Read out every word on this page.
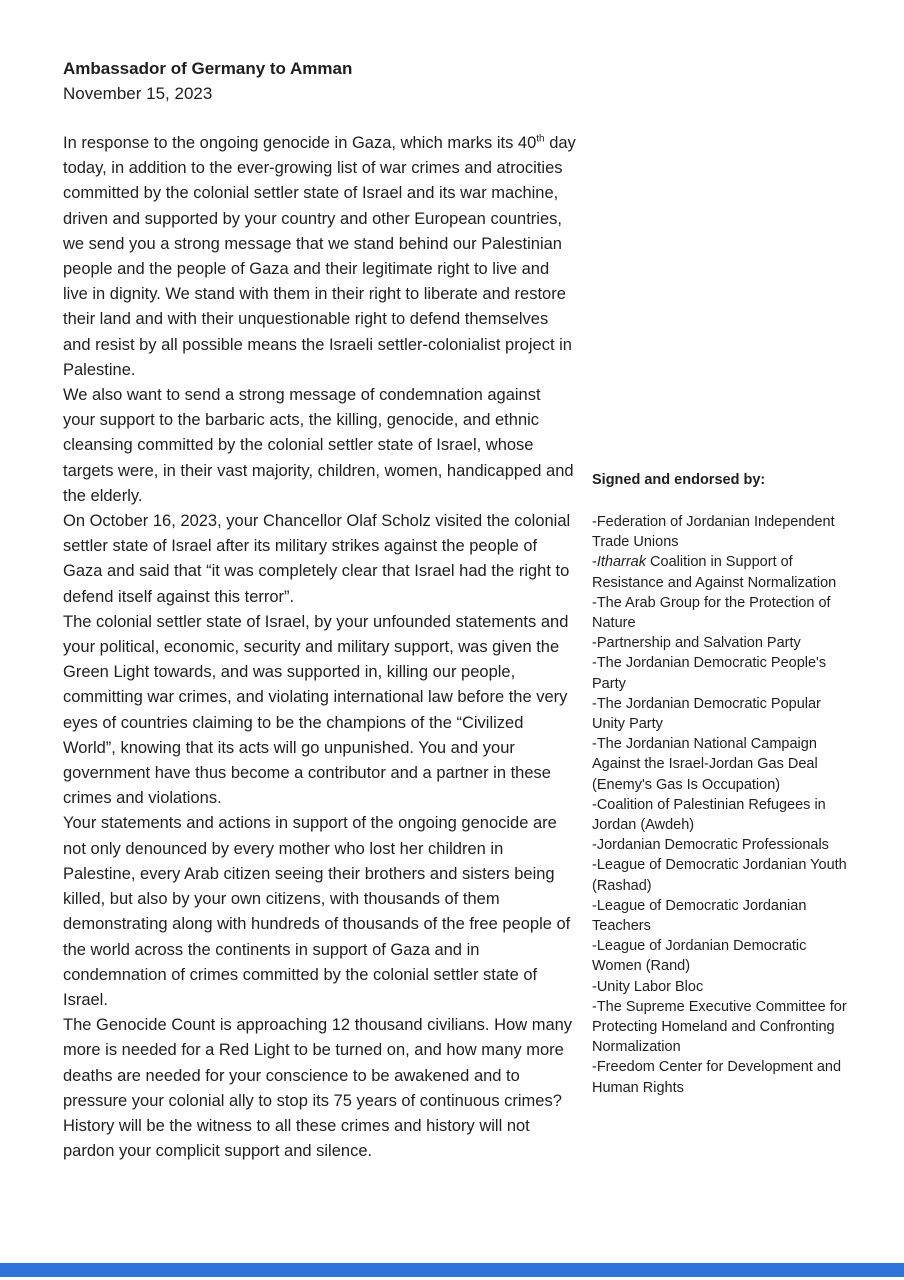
Ambassador of Germany to Amman

November 15, 2023

In response to the ongoing genocide in Gaza, which marks its 40th day today, in addition to the ever-growing list of war crimes and atrocities committed by the colonial settler state of Israel and its war machine, driven and supported by your country and other European countries, we send you a strong message that we stand behind our Palestinian people and the people of Gaza and their legitimate right to live and live in dignity. We stand with them in their right to liberate and restore their land and with their unquestionable right to defend themselves and resist by all possible means the Israeli settler-colonialist project in Palestine.

We also want to send a strong message of condemnation against your support to the barbaric acts, the killing, genocide, and ethnic cleansing committed by the colonial settler state of Israel, whose targets were, in their vast majority, children, women, handicapped and the elderly.

On October 16, 2023, your Chancellor Olaf Scholz visited the colonial settler state of Israel after its military strikes against the people of Gaza and said that “it was completely clear that Israel had the right to defend itself against this terror”.

The colonial settler state of Israel, by your unfounded statements and your political, economic, security and military support, was given the Green Light towards, and was supported in, killing our people, committing war crimes, and violating international law before the very eyes of countries claiming to be the champions of the “Civilized World”, knowing that its acts will go unpunished. You and your government have thus become a contributor and a partner in these crimes and violations.

Your statements and actions in support of the ongoing genocide are not only denounced by every mother who lost her children in Palestine, every Arab citizen seeing their brothers and sisters being killed, but also by your own citizens, with thousands of them demonstrating along with hundreds of thousands of the free people of the world across the continents in support of Gaza and in condemnation of crimes committed by the colonial settler state of Israel.

The Genocide Count is approaching 12 thousand civilians. How many more is needed for a Red Light to be turned on, and how many more deaths are needed for your conscience to be awakened and to pressure your colonial ally to stop its 75 years of continuous crimes?

History will be the witness to all these crimes and history will not pardon your complicit support and silence.

Signed and endorsed by:

-Federation of Jordanian Independent Trade Unions
-Itharrak Coalition in Support of Resistance and Against Normalization
-The Arab Group for the Protection of Nature
-Partnership and Salvation Party
-The Jordanian Democratic People's Party
-The Jordanian Democratic Popular Unity Party
-The Jordanian National Campaign Against the Israel-Jordan Gas Deal (Enemy's Gas Is Occupation)
-Coalition of Palestinian Refugees in Jordan (Awdeh)
-Jordanian Democratic Professionals
-League of Democratic Jordanian Youth (Rashad)
-League of Democratic Jordanian Teachers
-League of Jordanian Democratic Women (Rand)
-Unity Labor Bloc
-The Supreme Executive Committee for Protecting Homeland and Confronting Normalization
-Freedom Center for Development and Human Rights
